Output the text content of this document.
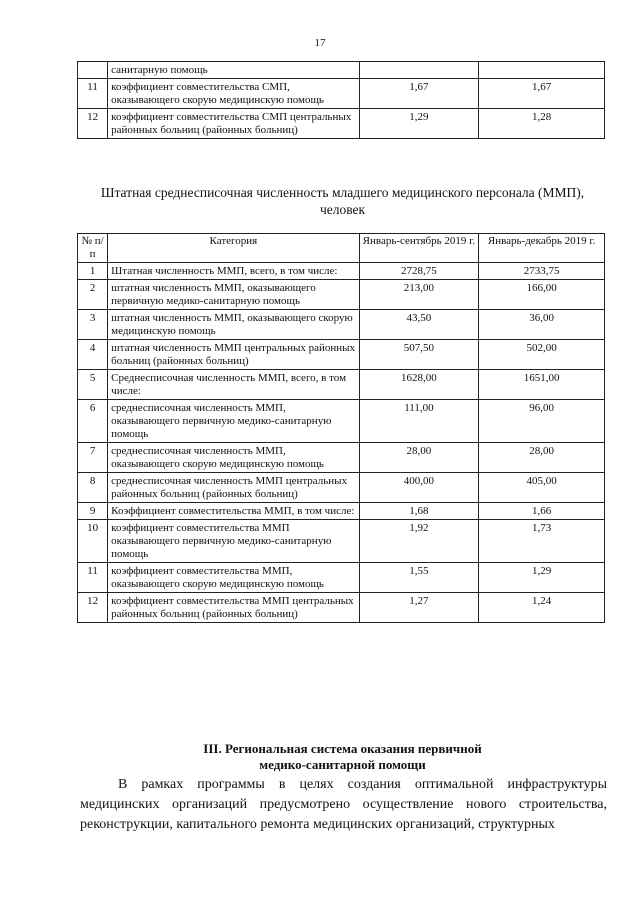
17
	санитарную помощь		
11	коэффициент совместительства СМП, оказывающего скорую медицинскую помощь	1,67	1,67
12	коэффициент совместительства СМП центральных районных больниц (районных больниц)	1,29	1,28
Штатная среднесписочная численность младшего медицинского персонала (ММП), человек
№ п/п	Категория	Январь-сентябрь 2019 г.	Январь-декабрь 2019 г.
1	Штатная численность ММП, всего, в том числе:	2728,75	2733,75
2	штатная численность ММП, оказывающего первичную медико-санитарную помощь	213,00	166,00
3	штатная численность ММП, оказывающего скорую медицинскую помощь	43,50	36,00
4	штатная численность ММП центральных районных больниц (районных больниц)	507,50	502,00
5	Среднесписочная численность ММП, всего, в том числе:	1628,00	1651,00
6	среднесписочная численность ММП, оказывающего первичную медико-санитарную помощь	111,00	96,00
7	среднесписочная численность ММП, оказывающего скорую медицинскую помощь	28,00	28,00
8	среднесписочная численность ММП центральных районных больниц (районных больниц)	400,00	405,00
9	Коэффициент совместительства ММП, в том числе:	1,68	1,66
10	коэффициент совместительства ММП оказывающего первичную медико-санитарную помощь	1,92	1,73
11	коэффициент совместительства ММП, оказывающего скорую медицинскую помощь	1,55	1,29
12	коэффициент совместительства ММП центральных районных больниц (районных больниц)	1,27	1,24
III. Региональная система оказания первичной
медико-санитарной помощи

В рамках программы в целях создания оптимальной инфраструктуры медицинских организаций предусмотрено осуществление нового строительства, реконструкции, капитального ремонта медицинских организаций, структурных
